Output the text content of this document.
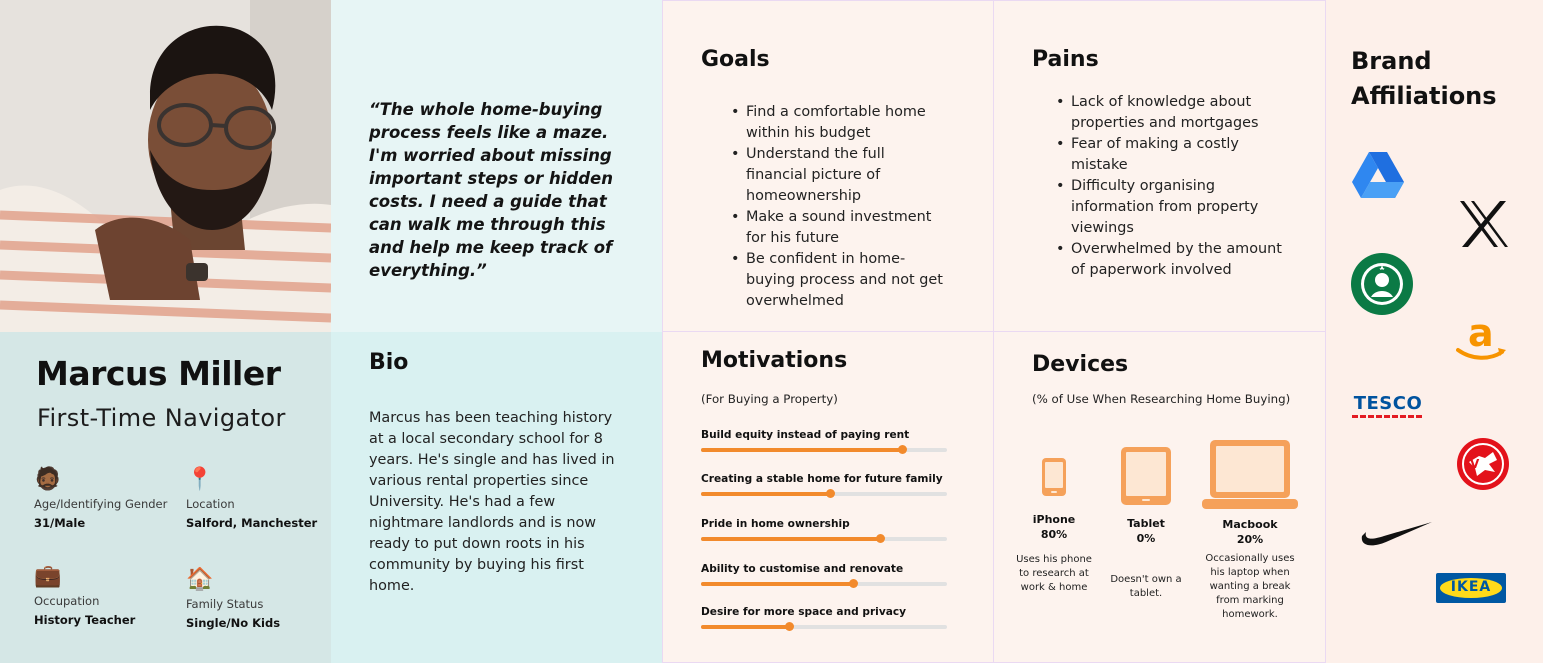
“The whole home-buying process feels like a maze. I'm worried about missing important steps or hidden costs. I need a guide that can walk me through this and help me keep track of everything.”

Marcus Miller
First-Time Navigator
🧔🏾
Age/Identifying Gender
31/Male
📍
Location
Salford, Manchester
💼
Occupation
History Teacher
🏠
Family Status
Single/No Kids
Bio

Marcus has been teaching history at a local secondary school for 8 years. He's single and has lived in various rental properties since University. He's had a few nightmare landlords and is now ready to put down roots in his community by buying his first home.

Goals
• Find a comfortable home within his budget
• Understand the full financial picture of homeownership
• Make a sound investment for his future
• Be confident in home-buying process and not get overwhelmed
Pains
• Lack of knowledge about properties and mortgages
• Fear of making a costly mistake
• Difficulty organising information from property viewings
• Overwhelmed by the amount of paperwork involved
Motivations
(For Buying a Property)
Build equity instead of paying rent
Creating a stable home for future family
Pride in home ownership
Ability to customise and renovate
Desire for more space and privacy
Devices
(% of Use When Researching Home Buying)
iPhone
80%
Uses his phone to research at work & home
Tablet
0%
Doesn't own a tablet.
Macbook
20%
Occasionally uses his laptop when wanting a break from marking homework.
Brand Affiliations
a
TESCO
V
IKEA
